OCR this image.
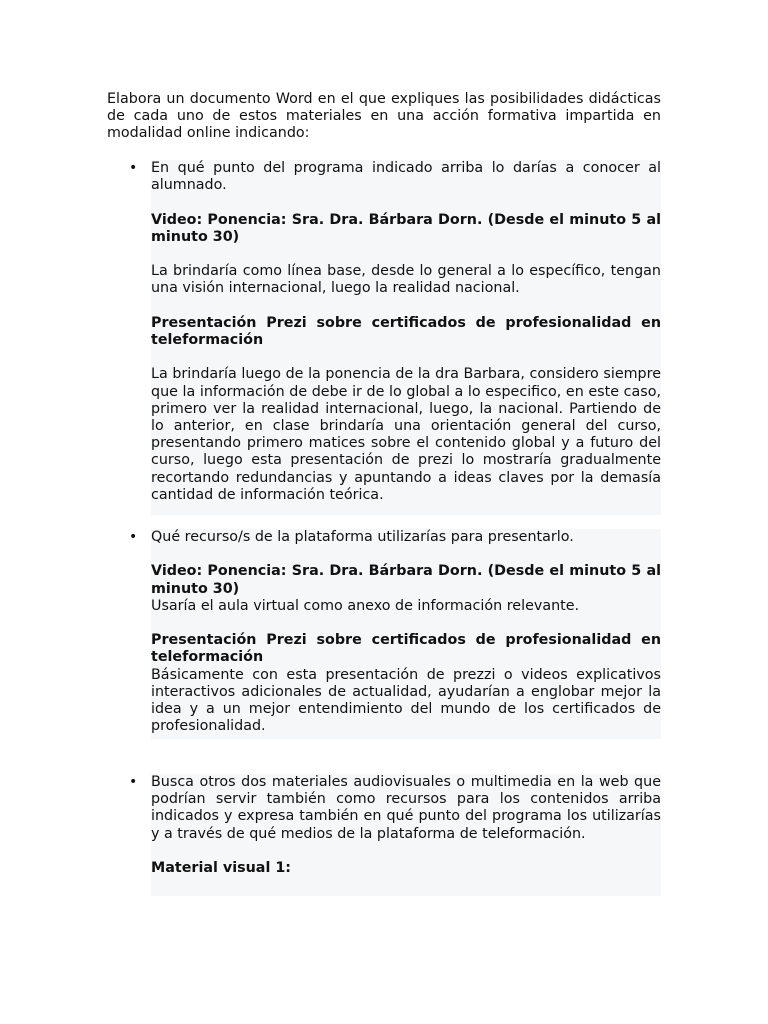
Elabora un documento Word en el que expliques las posibilidades didácticas de cada uno de estos materiales en una acción formativa impartida en modalidad online indicando:

• En qué punto del programa indicado arriba lo darías a conocer al alumnado.

Video: Ponencia: Sra. Dra. Bárbara Dorn. (Desde el minuto 5 al minuto 30)

La brindaría como línea base, desde lo general a lo específico, tengan una visión internacional, luego la realidad nacional.

Presentación Prezi sobre certificados de profesionalidad en teleformación

La brindaría luego de la ponencia de la dra Barbara, considero siempre que la información de debe ir de lo global a lo especifico, en este caso, primero ver la realidad internacional, luego, la nacional. Partiendo de lo anterior, en clase brindaría una orientación general del curso, presentando primero matices sobre el contenido global y a futuro del curso, luego esta presentación de prezi lo mostraría gradualmente recortando redundancias y apuntando a ideas claves por la demasía cantidad de información teórica.

• Qué recurso/s de la plataforma utilizarías para presentarlo.

Video: Ponencia: Sra. Dra. Bárbara Dorn. (Desde el minuto 5 al minuto 30)

Usaría el aula virtual como anexo de información relevante.

Presentación Prezi sobre certificados de profesionalidad en teleformación

Básicamente con esta presentación de prezzi o videos explicativos interactivos adicionales de actualidad, ayudarían a englobar mejor la idea y a un mejor entendimiento del mundo de los certificados de profesionalidad.

• Busca otros dos materiales audiovisuales o multimedia en la web que podrían servir también como recursos para los contenidos arriba indicados y expresa también en qué punto del programa los utilizarías y a través de qué medios de la plataforma de teleformación.

Material visual 1:
